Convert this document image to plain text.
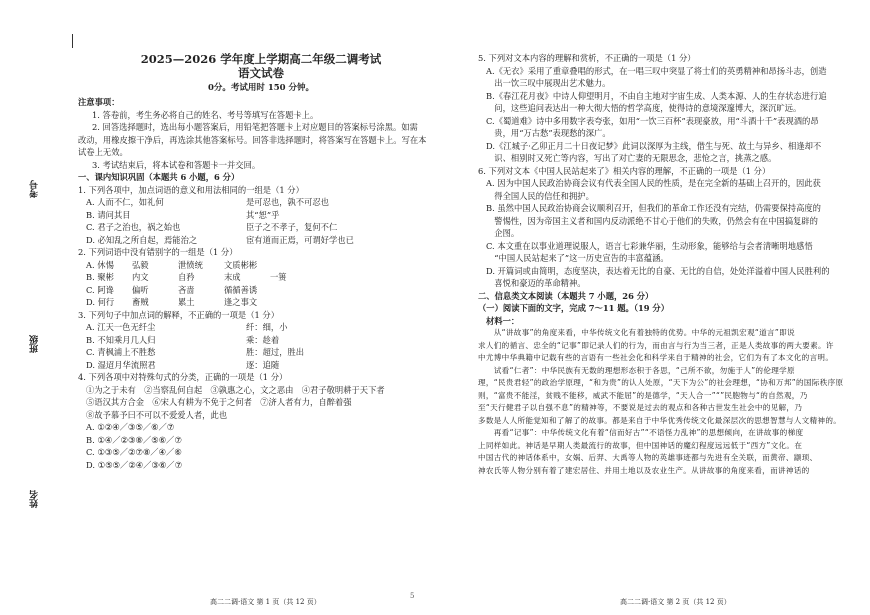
考号
班级
姓名
2025—2026 学年度上学期高二年级二调考试
语文试卷
0分。考试用时 150 分钟。

注意事项：

1. 答卷前，考生务必将自己的姓名、考号等填写在答题卡上。

2. 回答选择题时，选出每小题答案后，用铅笔把答题卡上对应题目的答案标号涂黑。如需

改动，用橡皮擦干净后，再选涂其他答案标号。回答非选择题时，将答案写在答题卡上。写在本

试卷上无效。

3. 考试结束后，将本试卷和答题卡一并交回。

一、课内知识巩固（本题共 6 小题，6 分）

1. 下列各项中，加点词语的意义和用法相同的一组是（1 分）

A. 人而不仁，如礼何	是可忍也，孰不可忍也

B. 请问其目	其“恕”乎

C. 君子之治也，祸之始也	臣子之不孝子，复何不仁

D. 必知乱之所自起，焉能治之	宦有道而正焉，可谓好学也已

2. 下列词语中没有错别字的一组是（1 分）

A. 休惕	弘毅	泄愤统	文质彬彬

B. 聚彬	内文	自矜	末成	一篑

C. 阿谗	偏听	吝啬	循循善诱

D. 何行	畜贼	累土	逢之事文

3. 下列句子中加点词的解释，不正确的一项是（1 分）

A. 江天一色无纤尘	纤：细，小

B. 不知乘月几人归	乘：趁着

C. 青枫浦上不胜愁	胜：超过，胜出

D. 湿迢月华流照君	逐：追随

4. 下列各项中对特殊句式的分类，正确的一项是（1 分）

①为之于未有　②当察乱何自起　③孰惠之心，文之恶由　④君子敬明耕于天下者

⑤语汉其方合金　⑥宋人有耕为不免于之何者　⑦济人者有力，自醉着强

⑧故予慕予曰不可以不爱爱人者，此也

A. ①②④／③⑤／⑥／⑦

B. ①④／②③⑧／⑤⑥／⑦

C. ①③⑤／②⑦⑧／④／⑥

D. ①⑤⑤／②④／③⑥／⑦

5. 下列对文本内容的理解和赏析，不正确的一项是（1 分）

A.《无衣》采用了重章叠唱的形式，在一唱三叹中突显了将士们的英勇精神和昂扬斗志，创造

　出一饮三叹中展现出艺术魅力。

B.《春江花月夜》中诗人仰望明月，不由自主地对宇宙生成、人类本源、人的生存状态进行追

　问，这些追问表达出一种大彻大悟的哲学高度，使得诗的意境深邃博大，深沉旷远。

C.《蜀道难》诗中多用数字表夸张，如用“一饮三百杯”表现豪放，用“斗酒十千”表现酒的昂

　贵，用“万古愁”表现愁的深广。

D.《江城子·乙卯正月二十日夜记梦》此词以深厚为主线，借生与死、故土与异乡、相逢却不

　识、相别时又死亡等内容，写出了对亡妻的无限思念，悲怆之言，挑蒸之感。

6. 下列对文本《中国人民站起来了》相关内容的理解，不正确的一项是（1 分）

A. 因为中国人民政治协商会议有代表全国人民的性质，是在完全新的基础上召开的，因此获

　得全国人民的信任和拥护。

B. 虽然中国人民政治协商会议顺利召开，但我们的革命工作还没有完结，仍需要保持高度的

　警惕性，因为帝国主义者和国内反动派绝不甘心于他们的失败，仍然会有在中国搞复辟的

　企图。

C. 本文重在以事业道理说服人，语言七彩兼华丽，生动形象，能够给与会者清晰明地感悟

　“中国人民站起来了”这一历史宣告的丰富蕴涵。

D. 开篇词或由简明，态度坚决，表达着无比的自豪、无比的自信，处处洋溢着中国人民胜利的

　喜悦和豪迈的革命精神。

二、信息类文本阅读（本题共 7 小题，26 分）

（一）阅读下面的文字，完成 7～11 题。（19 分）

材料一：

　　从“讲故事”的角度来看，中华传统文化有着独特的优势。中华的元祖凯宏观“道言”即说

求人们的循言、忠全的“记事”即记录人们的行为，而由言与行为当三者，正是人类故事的两大要素。许

中尤博中华典籍中记载有些的言语有一些社会化和科学来自于精神的社会，它们为有了本文化的言明。

　　试看“仁者”：中华民族有无数的理想形态积于各思，“己所不欲，勿施于人”的伦理学原

理，“民贵君轻”的政治学原理，“和为贵”的认人处原，“天下为公”的社会理想，“协和万邦”的国际秩序原

则，“富贵不能淫，贫贱不能移，威武不能屈”的是德学，“天人合一”“”民胞物与“的自然观，乃

至“天行健君子以自强不息”的精神等，不要说是过去的观点和各种古世发生社会中的见解，乃

多数是人人所能觉知和了解了的故事。都是来自于中华优秀传统文化最深层次的思想智慧与人文精神的。

　　再看“记事”：中华传统文化有着“信而好古”“不语怪力乱神”的思想倾向，在讲故事的梯度

上同样如此。神话是早期人类最流行的故事，但中国神话的魔幻程度远远低于“西方”文化。在

中国古代的神话体系中，女娲、后羿、大禹等人物的英雄事迹都与先进有全关联，而黄帝、颛顼、

神农氏等人物分别有着了建宏居住、并用土地以及农业生产。从讲故事的角度来看，而讲神话的

5
高二二调·语文 第 1 页（共 12 页）	高二二调·语文 第 2 页（共 12 页）
